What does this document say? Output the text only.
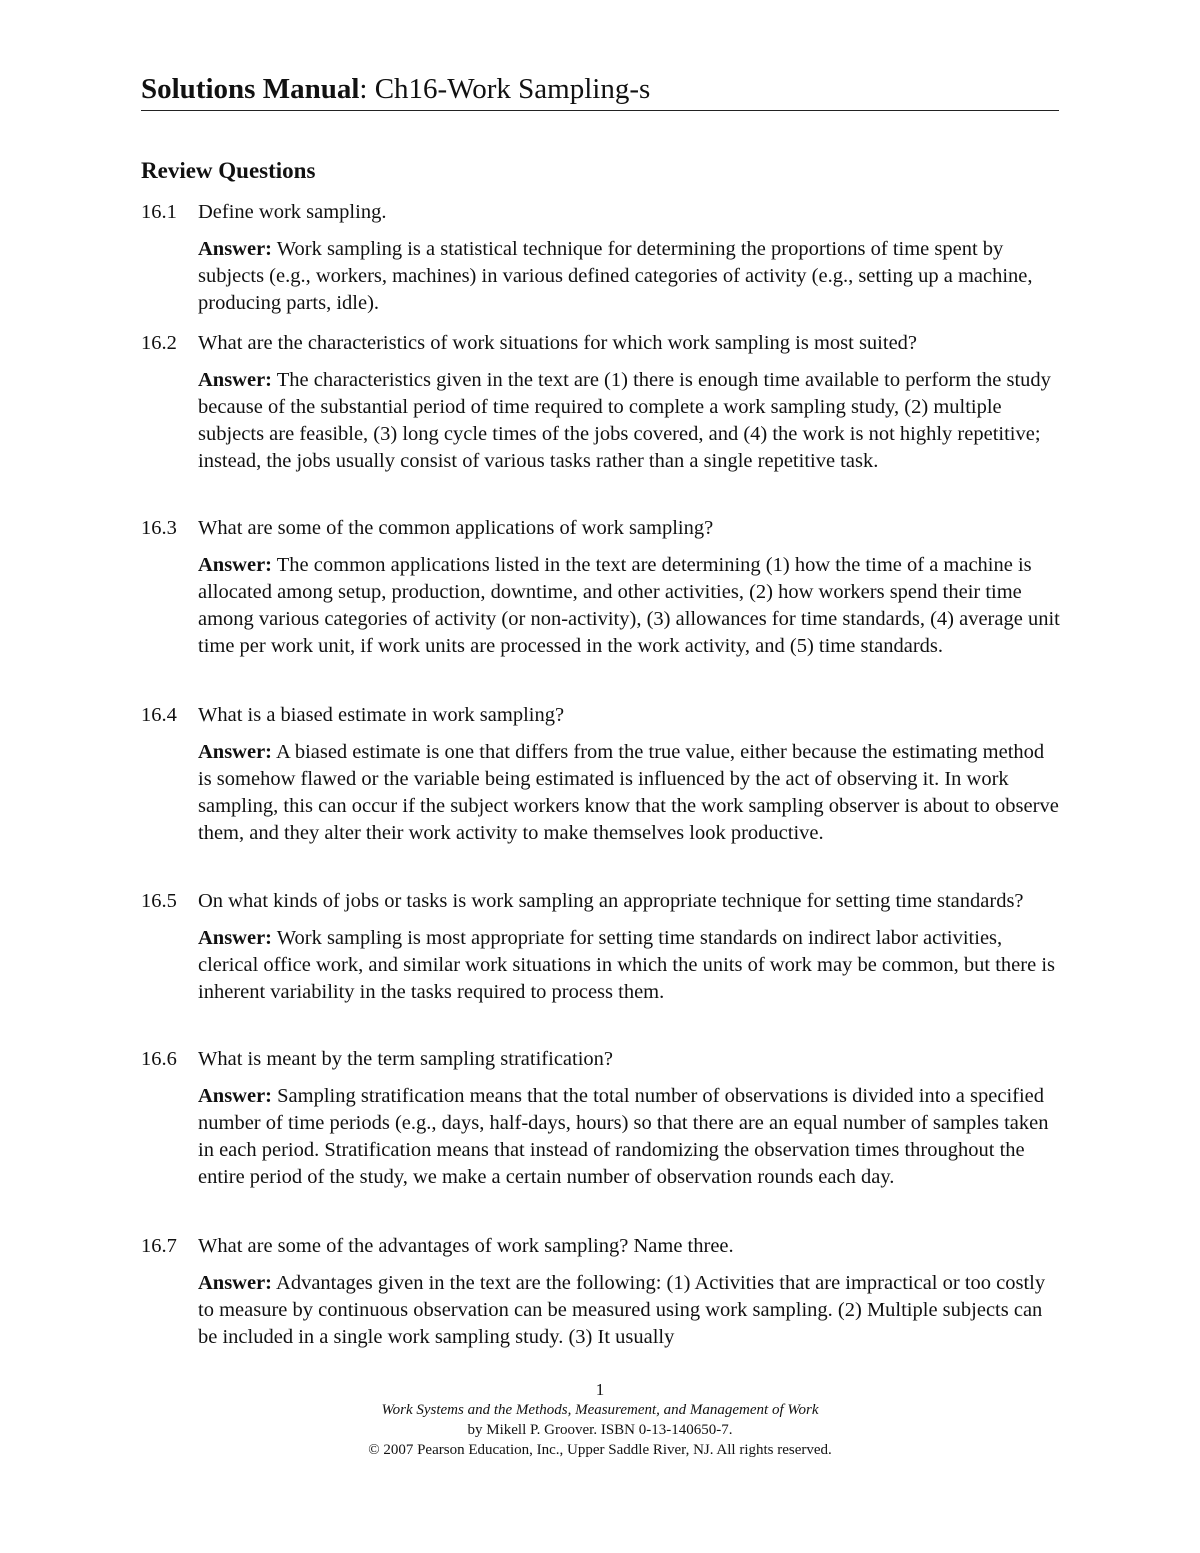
Solutions Manual: Ch16-Work Sampling-s
Review Questions
16.1	Define work sampling.
Answer: Work sampling is a statistical technique for determining the proportions of time spent by subjects (e.g., workers, machines) in various defined categories of activity (e.g., setting up a machine, producing parts, idle).
16.2	What are the characteristics of work situations for which work sampling is most suited?
Answer: The characteristics given in the text are (1) there is enough time available to perform the study because of the substantial period of time required to complete a work sampling study, (2) multiple subjects are feasible, (3) long cycle times of the jobs covered, and (4) the work is not highly repetitive; instead, the jobs usually consist of various tasks rather than a single repetitive task.
16.3	What are some of the common applications of work sampling?
Answer: The common applications listed in the text are determining (1) how the time of a machine is allocated among setup, production, downtime, and other activities, (2) how workers spend their time among various categories of activity (or non-activity), (3) allowances for time standards, (4) average unit time per work unit, if work units are processed in the work activity, and (5) time standards.
16.4	What is a biased estimate in work sampling?
Answer: A biased estimate is one that differs from the true value, either because the estimating method is somehow flawed or the variable being estimated is influenced by the act of observing it. In work sampling, this can occur if the subject workers know that the work sampling observer is about to observe them, and they alter their work activity to make themselves look productive.
16.5	On what kinds of jobs or tasks is work sampling an appropriate technique for setting time standards?
Answer: Work sampling is most appropriate for setting time standards on indirect labor activities, clerical office work, and similar work situations in which the units of work may be common, but there is inherent variability in the tasks required to process them.
16.6	What is meant by the term sampling stratification?
Answer: Sampling stratification means that the total number of observations is divided into a specified number of time periods (e.g., days, half-days, hours) so that there are an equal number of samples taken in each period. Stratification means that instead of randomizing the observation times throughout the entire period of the study, we make a certain number of observation rounds each day.
16.7	What are some of the advantages of work sampling? Name three.
Answer: Advantages given in the text are the following: (1) Activities that are impractical or too costly to measure by continuous observation can be measured using work sampling. (2) Multiple subjects can be included in a single work sampling study. (3) It usually
1
Work Systems and the Methods, Measurement, and Management of Work
by Mikell P. Groover. ISBN 0-13-140650-7.
© 2007 Pearson Education, Inc., Upper Saddle River, NJ. All rights reserved.
